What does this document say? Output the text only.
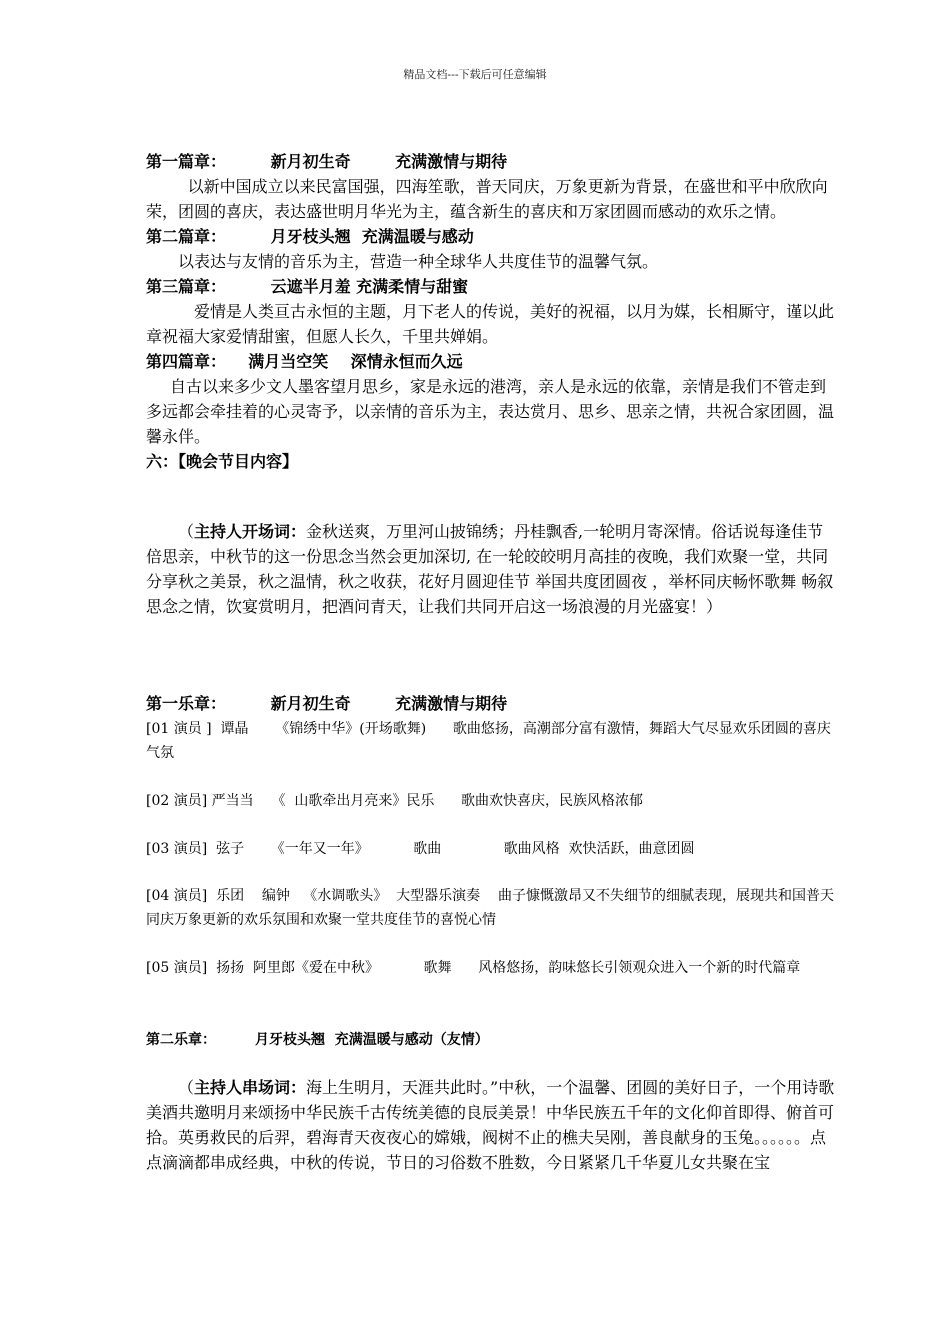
精品文档---下载后可任意编辑

第一篇章：        新月初生奇        充满激情与期待

以新中国成立以来民富国强，四海笙歌，普天同庆，万象更新为背景，在盛世和平中欣欣向荣，团圆的喜庆，表达盛世明月华光为主，蕴含新生的喜庆和万家团圆而感动的欢乐之情。

第二篇章：        月牙枝头翘  充满温暖与感动

以表达与友情的音乐为主，营造一种全球华人共度佳节的温馨气氛。

第三篇章：        云遮半月羞 充满柔情与甜蜜

爱情是人类亘古永恒的主题，月下老人的传说，美好的祝福，以月为媒，长相厮守，谨以此章祝福大家爱情甜蜜，但愿人长久，千里共婵娟。

第四篇章：    满月当空笑    深情永恒而久远

自古以来多少文人墨客望月思乡，家是永远的港湾，亲人是永远的依靠，亲情是我们不管走到多远都会牵挂着的心灵寄予，以亲情的音乐为主，表达赏月、思乡、思亲之情，共祝合家团圆，温馨永伴。

六：【晚会节目内容】

（主持人开场词：金秋送爽，万里河山披锦绣；丹桂飘香,一轮明月寄深情。俗话说每逢佳节倍思亲，中秋节的这一份思念当然会更加深切, 在一轮皎皎明月高挂的夜晚，我们欢聚一堂，共同分享秋之美景，秋之温情，秋之收获，花好月圆迎佳节 举国共度团圆夜 ，举杯同庆畅怀歌舞 畅叙思念之情，饮宴赏明月，把酒问青天，让我们共同开启这一场浪漫的月光盛宴！）

第一乐章：        新月初生奇        充满激情与期待

[01 演员 ]  谭晶      《锦绣中华》(开场歌舞)      歌曲悠扬，高潮部分富有激情，舞蹈大气尽显欢乐团圆的喜庆气氛

[02 演员] 严当当    《  山歌牵出月亮来》民乐      歌曲欢快喜庆，民族风格浓郁

[03 演员]  弦子      《一年又一年》          歌曲              歌曲风格  欢快活跃，曲意团圆

[04 演员]  乐团    编钟   《水调歌头》  大型器乐演奏    曲子慷慨激昂又不失细节的细腻表现，展现共和国普天同庆万象更新的欢乐氛围和欢聚一堂共度佳节的喜悦心情

[05 演员]  扬扬  阿里郎《爱在中秋》          歌舞      风格悠扬，韵味悠长引领观众进入一个新的时代篇章

第二乐章：        月牙枝头翘  充满温暖与感动（友情）

（主持人串场词：海上生明月，天涯共此时。”中秋，一个温馨、团圆的美好日子，一个用诗歌美酒共邀明月来颂扬中华民族千古传统美德的良辰美景！中华民族五千年的文化仰首即得、俯首可拾。英勇救民的后羿，碧海青天夜夜心的嫦娥，阀树不止的樵夫吴刚，善良献身的玉兔。。。。。。点点滴滴都串成经典，中秋的传说，节日的习俗数不胜数，今日紧紧几千华夏儿女共聚在宝
